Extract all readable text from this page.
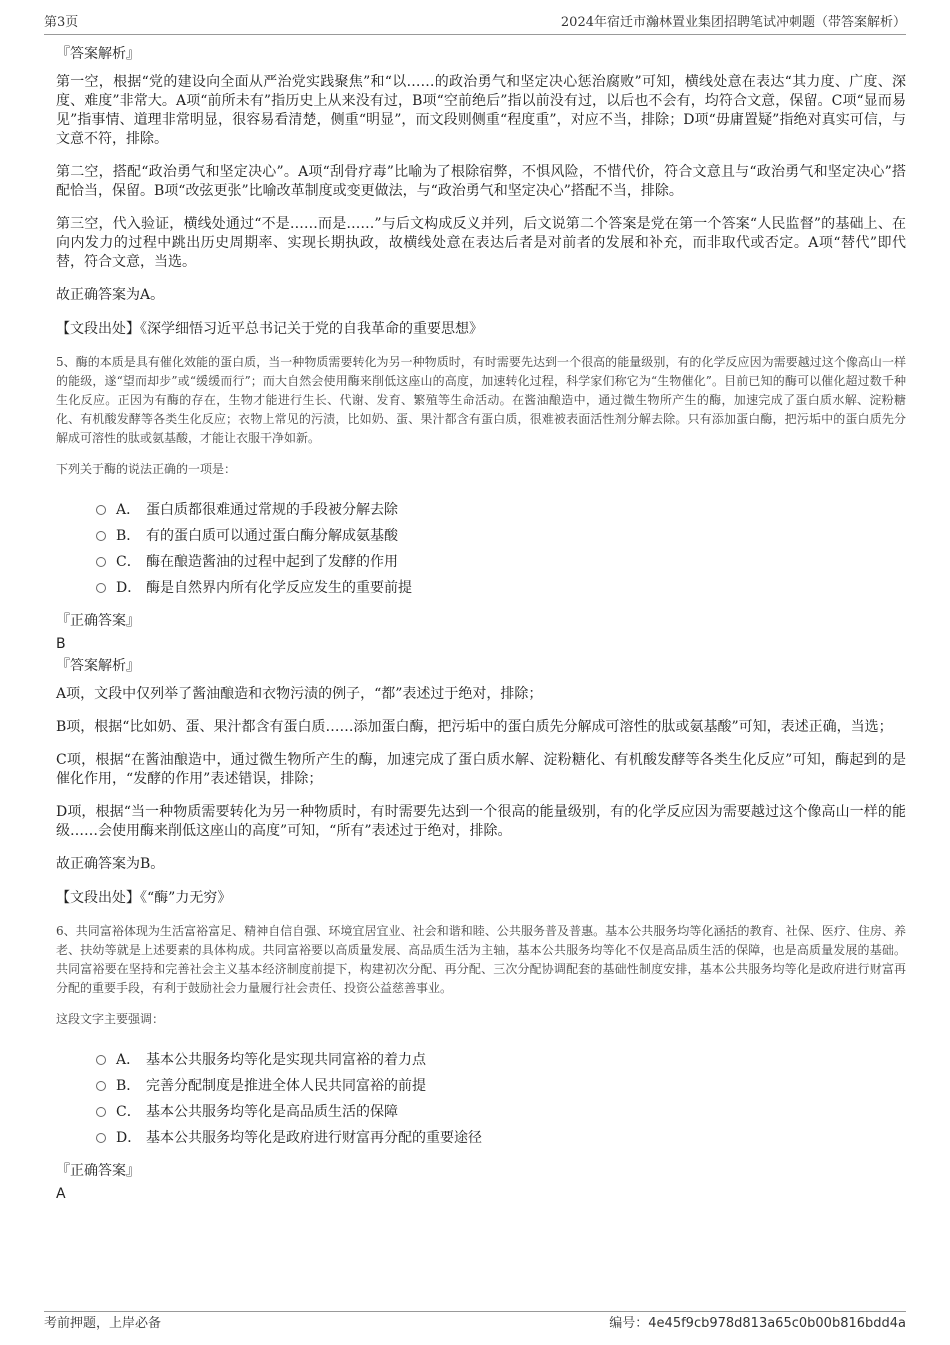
第3页	2024年宿迁市瀚林置业集团招聘笔试冲刺题（带答案解析）
『答案解析』

第一空，根据“党的建设向全面从严治党实践聚焦”和“以……的政治勇气和坚定决心惩治腐败”可知，横线处意在表达“其力度、广度、深度、难度”非常大。A项“前所未有”指历史上从来没有过，B项“空前绝后”指以前没有过，以后也不会有，均符合文意，保留。C项“显而易见”指事情、道理非常明显，很容易看清楚，侧重“明显”，而文段则侧重“程度重”，对应不当，排除；D项“毋庸置疑”指绝对真实可信，与文意不符，排除。

第二空，搭配“政治勇气和坚定决心”。A项“刮骨疗毒”比喻为了根除宿弊，不惧风险，不惜代价，符合文意且与“政治勇气和坚定决心”搭配恰当，保留。B项“改弦更张”比喻改革制度或变更做法，与“政治勇气和坚定决心”搭配不当，排除。

第三空，代入验证，横线处通过“不是……而是……”与后文构成反义并列，后文说第二个答案是党在第一个答案“人民监督”的基础上、在向内发力的过程中跳出历史周期率、实现长期执政，故横线处意在表达后者是对前者的发展和补充，而非取代或否定。A项“替代”即代替，符合文意，当选。

故正确答案为A。

【文段出处】《深学细悟习近平总书记关于党的自我革命的重要思想》

5、酶的本质是具有催化效能的蛋白质，当一种物质需要转化为另一种物质时，有时需要先达到一个很高的能量级别，有的化学反应因为需要越过这个像高山一样的能级，遂“望而却步”或“缓缓而行”；而大自然会使用酶来削低这座山的高度，加速转化过程，科学家们称它为“生物催化”。目前已知的酶可以催化超过数千种生化反应。正因为有酶的存在，生物才能进行生长、代谢、发育、繁殖等生命活动。在酱油酿造中，通过微生物所产生的酶，加速完成了蛋白质水解、淀粉糖化、有机酸发酵等各类生化反应；衣物上常见的污渍，比如奶、蛋、果汁都含有蛋白质，很难被表面活性剂分解去除。只有添加蛋白酶，把污垢中的蛋白质先分解成可溶性的肽或氨基酸，才能让衣服干净如新。

下列关于酶的说法正确的一项是：

A． 蛋白质都很难通过常规的手段被分解去除
B． 有的蛋白质可以通过蛋白酶分解成氨基酸
C． 酶在酿造酱油的过程中起到了发酵的作用
D． 酶是自然界内所有化学反应发生的重要前提
『正确答案』
B
『答案解析』

A项，文段中仅列举了酱油酿造和衣物污渍的例子，“都”表述过于绝对，排除；

B项，根据“比如奶、蛋、果汁都含有蛋白质……添加蛋白酶，把污垢中的蛋白质先分解成可溶性的肽或氨基酸”可知，表述正确，当选；

C项，根据“在酱油酿造中，通过微生物所产生的酶，加速完成了蛋白质水解、淀粉糖化、有机酸发酵等各类生化反应”可知，酶起到的是催化作用，“发酵的作用”表述错误，排除；

D项，根据“当一种物质需要转化为另一种物质时，有时需要先达到一个很高的能量级别，有的化学反应因为需要越过这个像高山一样的能级……会使用酶来削低这座山的高度”可知，“所有”表述过于绝对，排除。

故正确答案为B。

【文段出处】《“酶”力无穷》

6、共同富裕体现为生活富裕富足、精神自信自强、环境宜居宜业、社会和谐和睦、公共服务普及普惠。基本公共服务均等化涵括的教育、社保、医疗、住房、养老、扶幼等就是上述要素的具体构成。共同富裕要以高质量发展、高品质生活为主轴，基本公共服务均等化不仅是高品质生活的保障，也是高质量发展的基础。共同富裕要在坚持和完善社会主义基本经济制度前提下，构建初次分配、再分配、三次分配协调配套的基础性制度安排，基本公共服务均等化是政府进行财富再分配的重要手段，有利于鼓励社会力量履行社会责任、投资公益慈善事业。

这段文字主要强调：

A． 基本公共服务均等化是实现共同富裕的着力点
B． 完善分配制度是推进全体人民共同富裕的前提
C． 基本公共服务均等化是高品质生活的保障
D． 基本公共服务均等化是政府进行财富再分配的重要途径
『正确答案』
A
考前押题，上岸必备	编号：4e45f9cb978d813a65c0b00b816bdd4a
